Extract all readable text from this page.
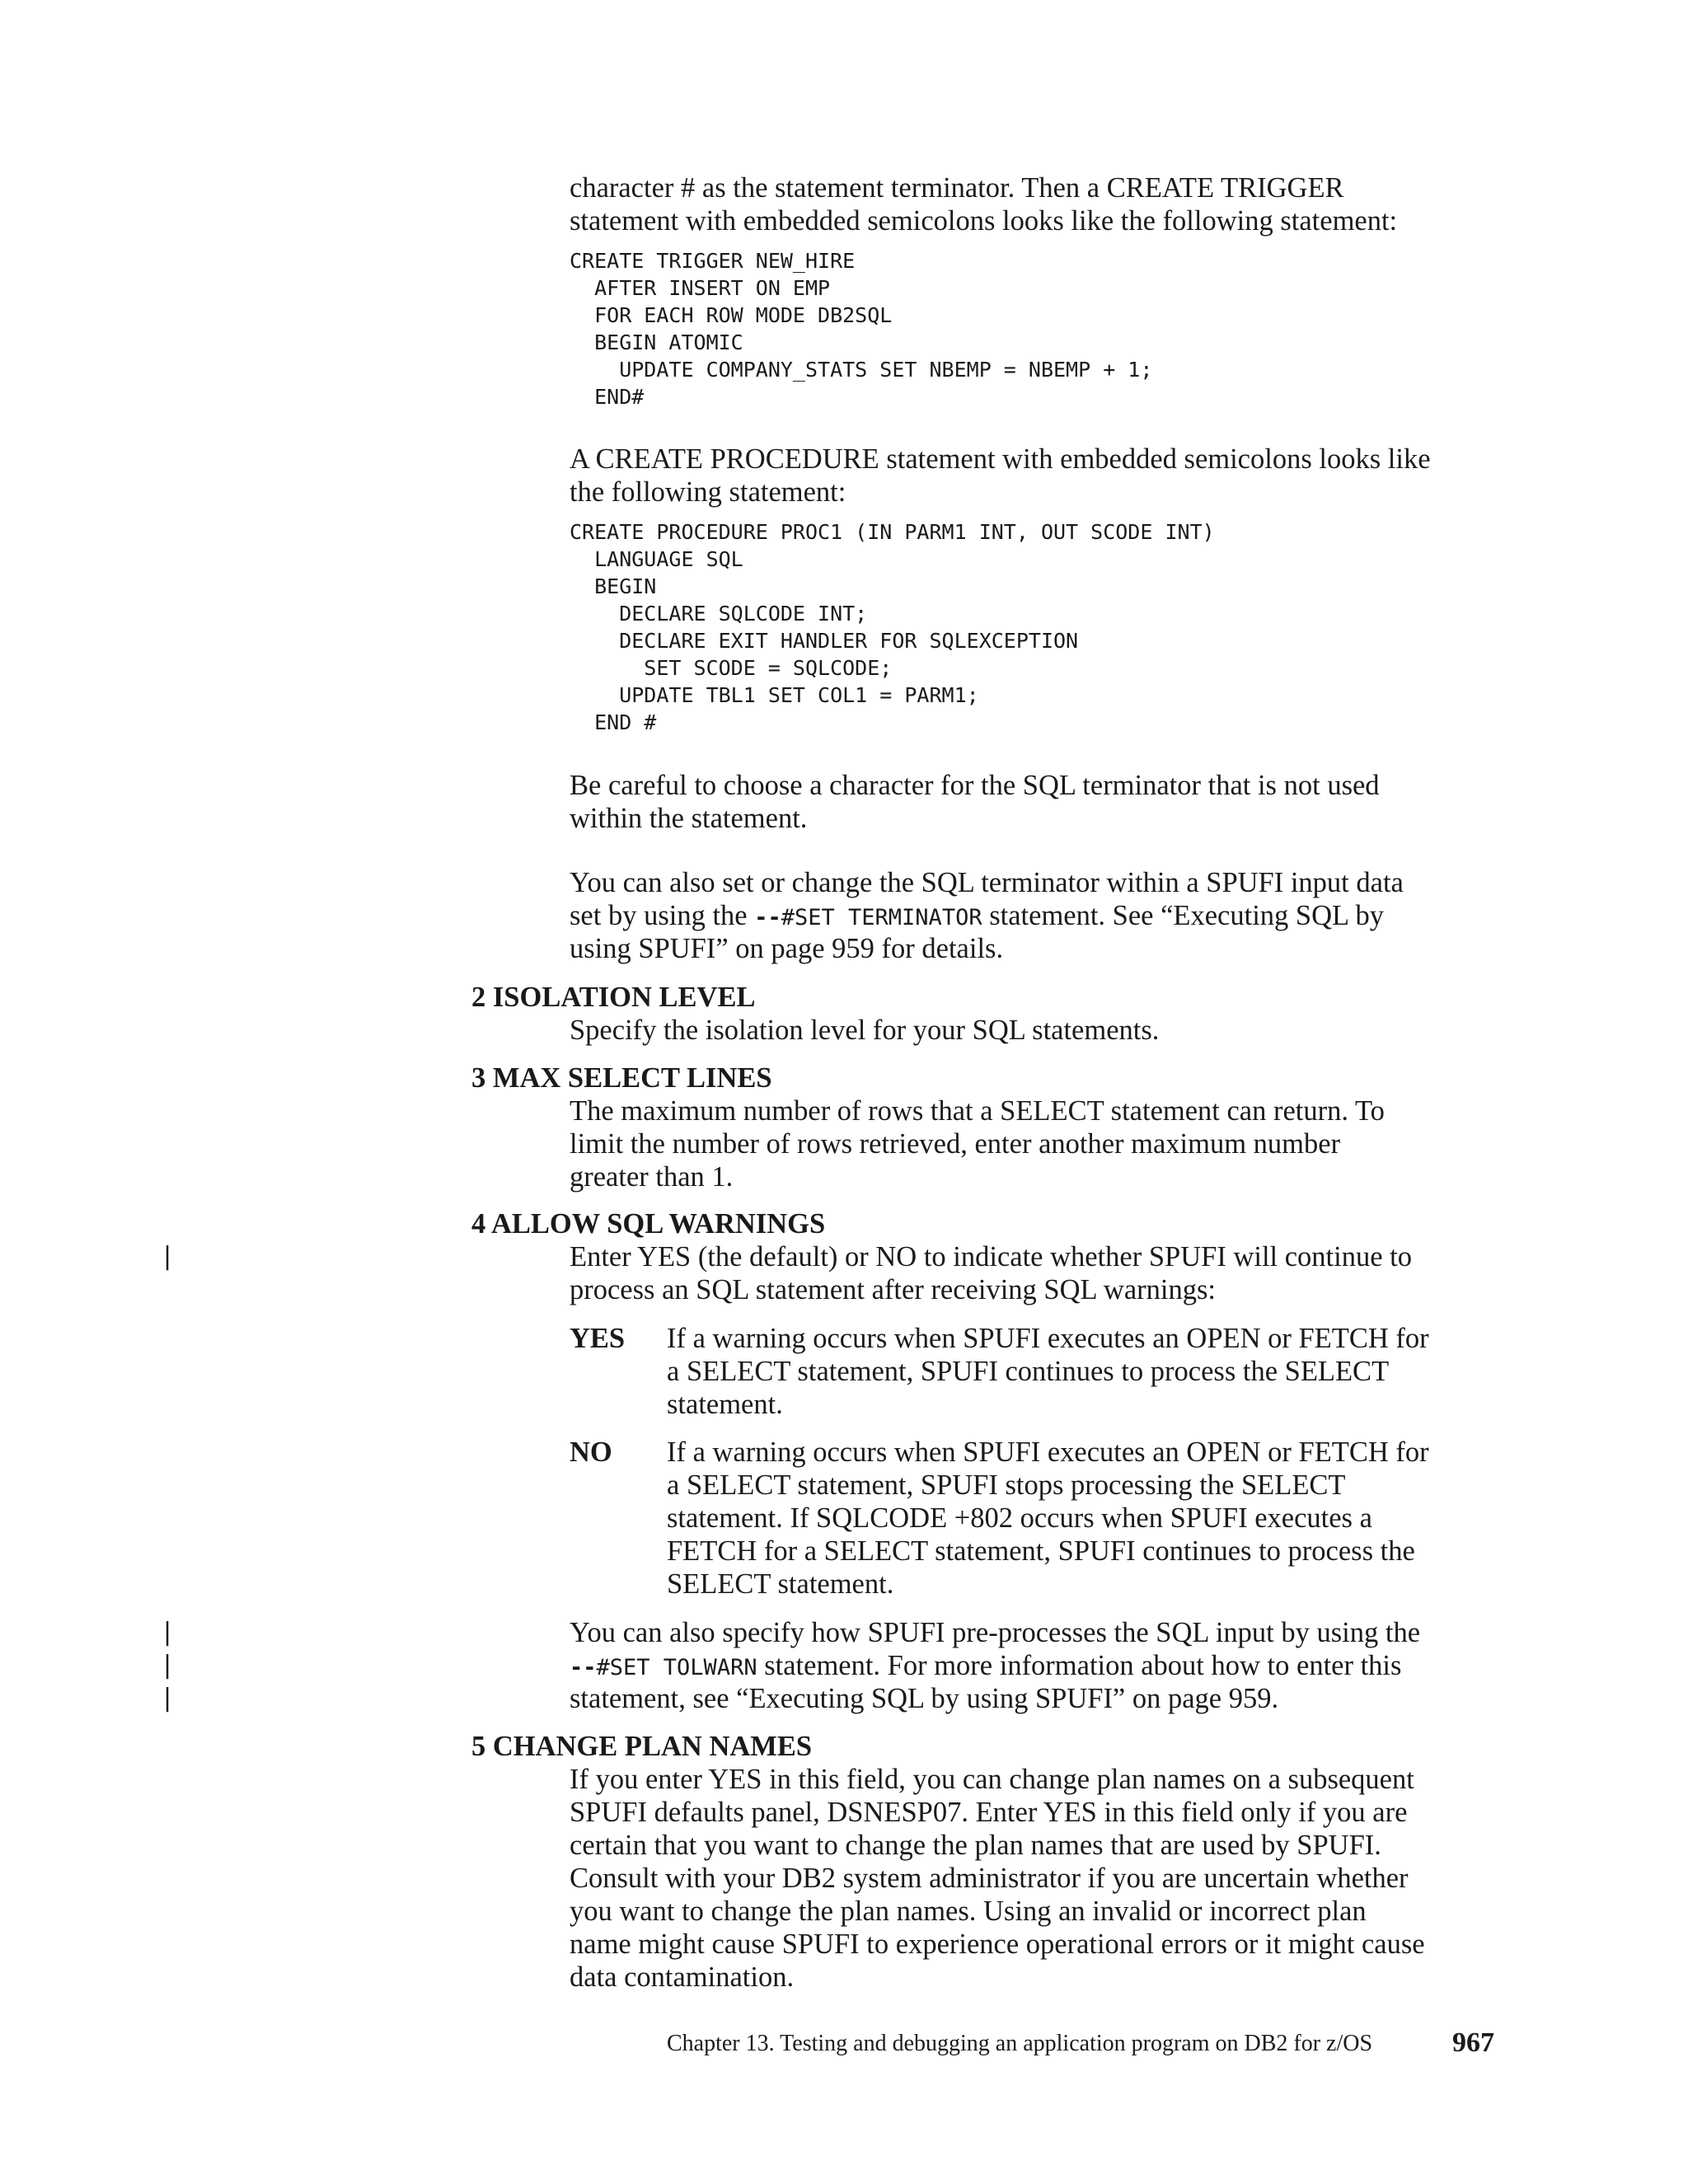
character # as the statement terminator. Then a CREATE TRIGGER
statement with embedded semicolons looks like the following statement:
CREATE TRIGGER NEW_HIRE
AFTER INSERT ON EMP
FOR EACH ROW MODE DB2SQL
BEGIN ATOMIC
UPDATE COMPANY_STATS SET NBEMP = NBEMP + 1;
END#
A CREATE PROCEDURE statement with embedded semicolons looks like
the following statement:
CREATE PROCEDURE PROC1 (IN PARM1 INT, OUT SCODE INT)
LANGUAGE SQL
BEGIN
DECLARE SQLCODE INT;
DECLARE EXIT HANDLER FOR SQLEXCEPTION
SET SCODE = SQLCODE;
UPDATE TBL1 SET COL1 = PARM1;
END #
Be careful to choose a character for the SQL terminator that is not used
within the statement.
You can also set or change the SQL terminator within a SPUFI input data
set by using the --#SET TERMINATOR statement. See “Executing SQL by
using SPUFI” on page 959 for details.
2 ISOLATION LEVEL
Specify the isolation level for your SQL statements.
3 MAX SELECT LINES
The maximum number of rows that a SELECT statement can return. To
limit the number of rows retrieved, enter another maximum number
greater than 1.
4 ALLOW SQL WARNINGS
|	Enter YES (the default) or NO to indicate whether SPUFI will continue to
process an SQL statement after receiving SQL warnings:
YES If a warning occurs when SPUFI executes an OPEN or FETCH for
a SELECT statement, SPUFI continues to process the SELECT
statement.
NO If a warning occurs when SPUFI executes an OPEN or FETCH for
a SELECT statement, SPUFI stops processing the SELECT
statement. If SQLCODE +802 occurs when SPUFI executes a
FETCH for a SELECT statement, SPUFI continues to process the
SELECT statement.
|
|
|
You can also specify how SPUFI pre-processes the SQL input by using the
--#SET TOLWARN statement. For more information about how to enter this
statement, see “Executing SQL by using SPUFI” on page 959.
5 CHANGE PLAN NAMES
If you enter YES in this field, you can change plan names on a subsequent
SPUFI defaults panel, DSNESP07. Enter YES in this field only if you are
certain that you want to change the plan names that are used by SPUFI.
Consult with your DB2 system administrator if you are uncertain whether
you want to change the plan names. Using an invalid or incorrect plan
name might cause SPUFI to experience operational errors or it might cause
data contamination.
Chapter 13. Testing and debugging an application program on DB2 for z/OS	967
